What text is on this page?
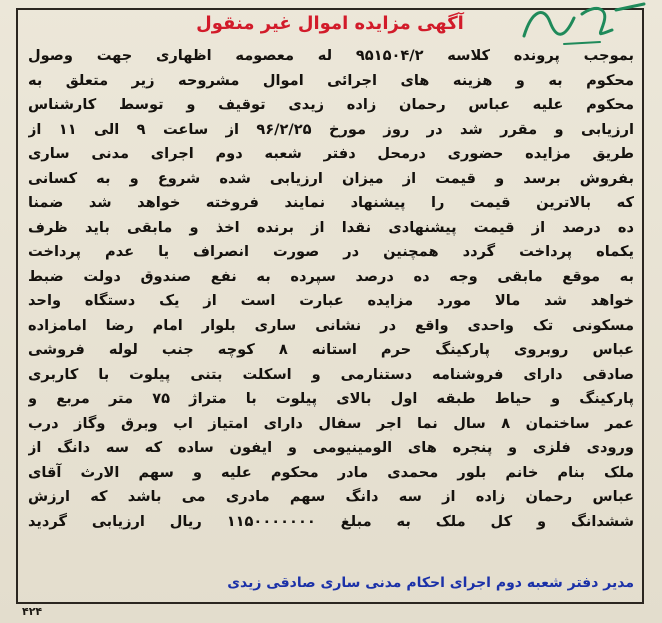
آگهی مزایده اموال غیر منقول
بموجب پرونده کلاسه ۹۵۱۵۰۴/۲ له معصومه اظهاری جهت وصول
محکوم به و هزینه های اجرائی اموال مشروحه زیر متعلق به
محکوم علیه عباس رحمان زاده زیدی توقیف و توسط کارشناس
ارزیابی و مقرر شد در روز مورخ ۹۶/۲/۲۵ از ساعت ۹ الی ۱۱ از
طریق مزایده حضوری درمحل دفتر شعبه دوم اجرای مدنی ساری
بفروش برسد و قیمت از میزان ارزیابی شده شروع و به کسانی
که بالاترین قیمت را پیشنهاد نمایند فروخته خواهد شد ضمنا
ده درصد از قیمت پیشنهادی نقدا از برنده اخذ و مابقی باید ظرف
یکماه پرداخت گردد همچنین در صورت انصراف یا عدم پرداخت
به موقع مابقی وجه ده درصد سپرده به نفع صندوق دولت ضبط
خواهد شد مالا مورد مزایده عبارت است از یک دستگاه واحد
مسکونی تک واحدی واقع در نشانی ساری بلوار امام رضا امامزاده
عباس روبروی پارکینگ حرم استانه ۸ کوچه جنب لوله فروشی
صادقی دارای فروشنامه دستنارمی و اسکلت بتنی پیلوت با کاربری
پارکینگ و حیاط طبقه اول بالای پیلوت با متراژ ۷۵ متر مربع و
عمر ساختمان ۸ سال نما اجر سفال دارای امتیاز اب وبرق وگاز درب
ورودی فلزی و پنجره های الومینیومی و ایفون ساده که سه دانگ از
ملک بنام خانم بلور محمدی مادر محکوم علیه و سهم الارث آقای
عباس رحمان زاده از سه دانگ سهم مادری می باشد که ارزش
ششدانگ و کل ملک به مبلغ ۱۱۵۰۰۰۰۰۰۰ ریال ارزیابی گردید
مدیر دفتر شعبه دوم اجرای احکام مدنی ساری صادقی زیدی
۴۲۴
